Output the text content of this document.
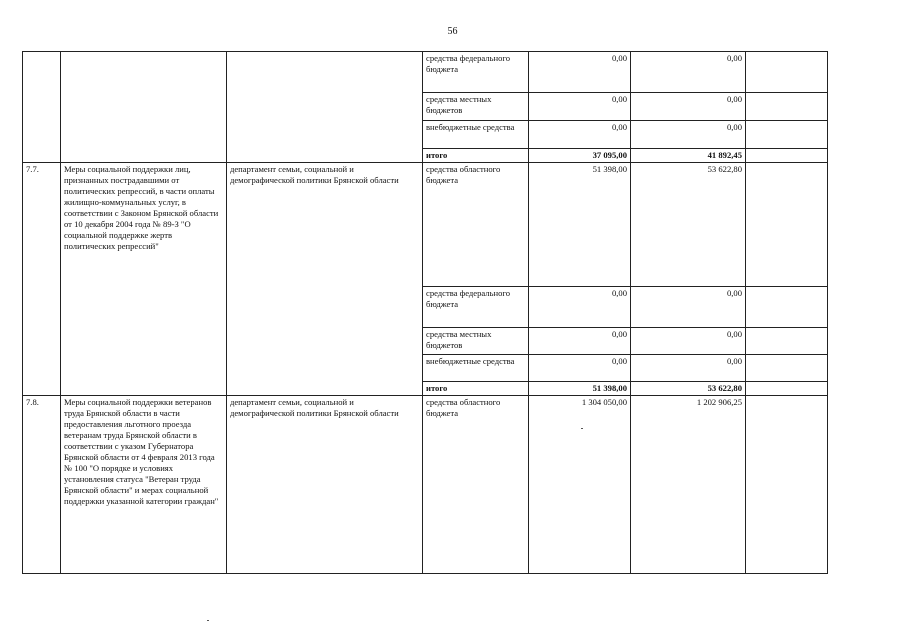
56
			средства федерального бюджета	0,00	0,00	
			средства местных бюджетов	0,00	0,00	
			внебюджетные средства	0,00	0,00	
			итого	37 095,00	41 892,45	
7.7.	Меры социальной поддержки лиц, признанных пострадавшими от политических репрессий, в части оплаты жилищно-коммунальных услуг, в соответствии с Законом Брянской области от 10 декабря 2004 года № 89-З "О социальной поддержке жертв политических репрессий"	департамент семьи, социальной и демографической политики Брянской области	средства областного бюджета	51 398,00	53 622,80	
			средства федерального бюджета	0,00	0,00	
			средства местных бюджетов	0,00	0,00	
			внебюджетные средства	0,00	0,00	
			итого	51 398,00	53 622,80	
7.8.	Меры социальной поддержки ветеранов труда Брянской области в части предоставления льготного проезда ветеранам труда Брянской области в соответствии с указом Губернатора Брянской области от 4 февраля 2013 года № 100 "О порядке и условиях установления статуса "Ветеран труда Брянской области" и мерах социальной поддержки указанной категории граждан"	департамент семьи, социальной и демографической политики Брянской области	средства областного бюджета	1 304 050,00	1 202 906,25	
